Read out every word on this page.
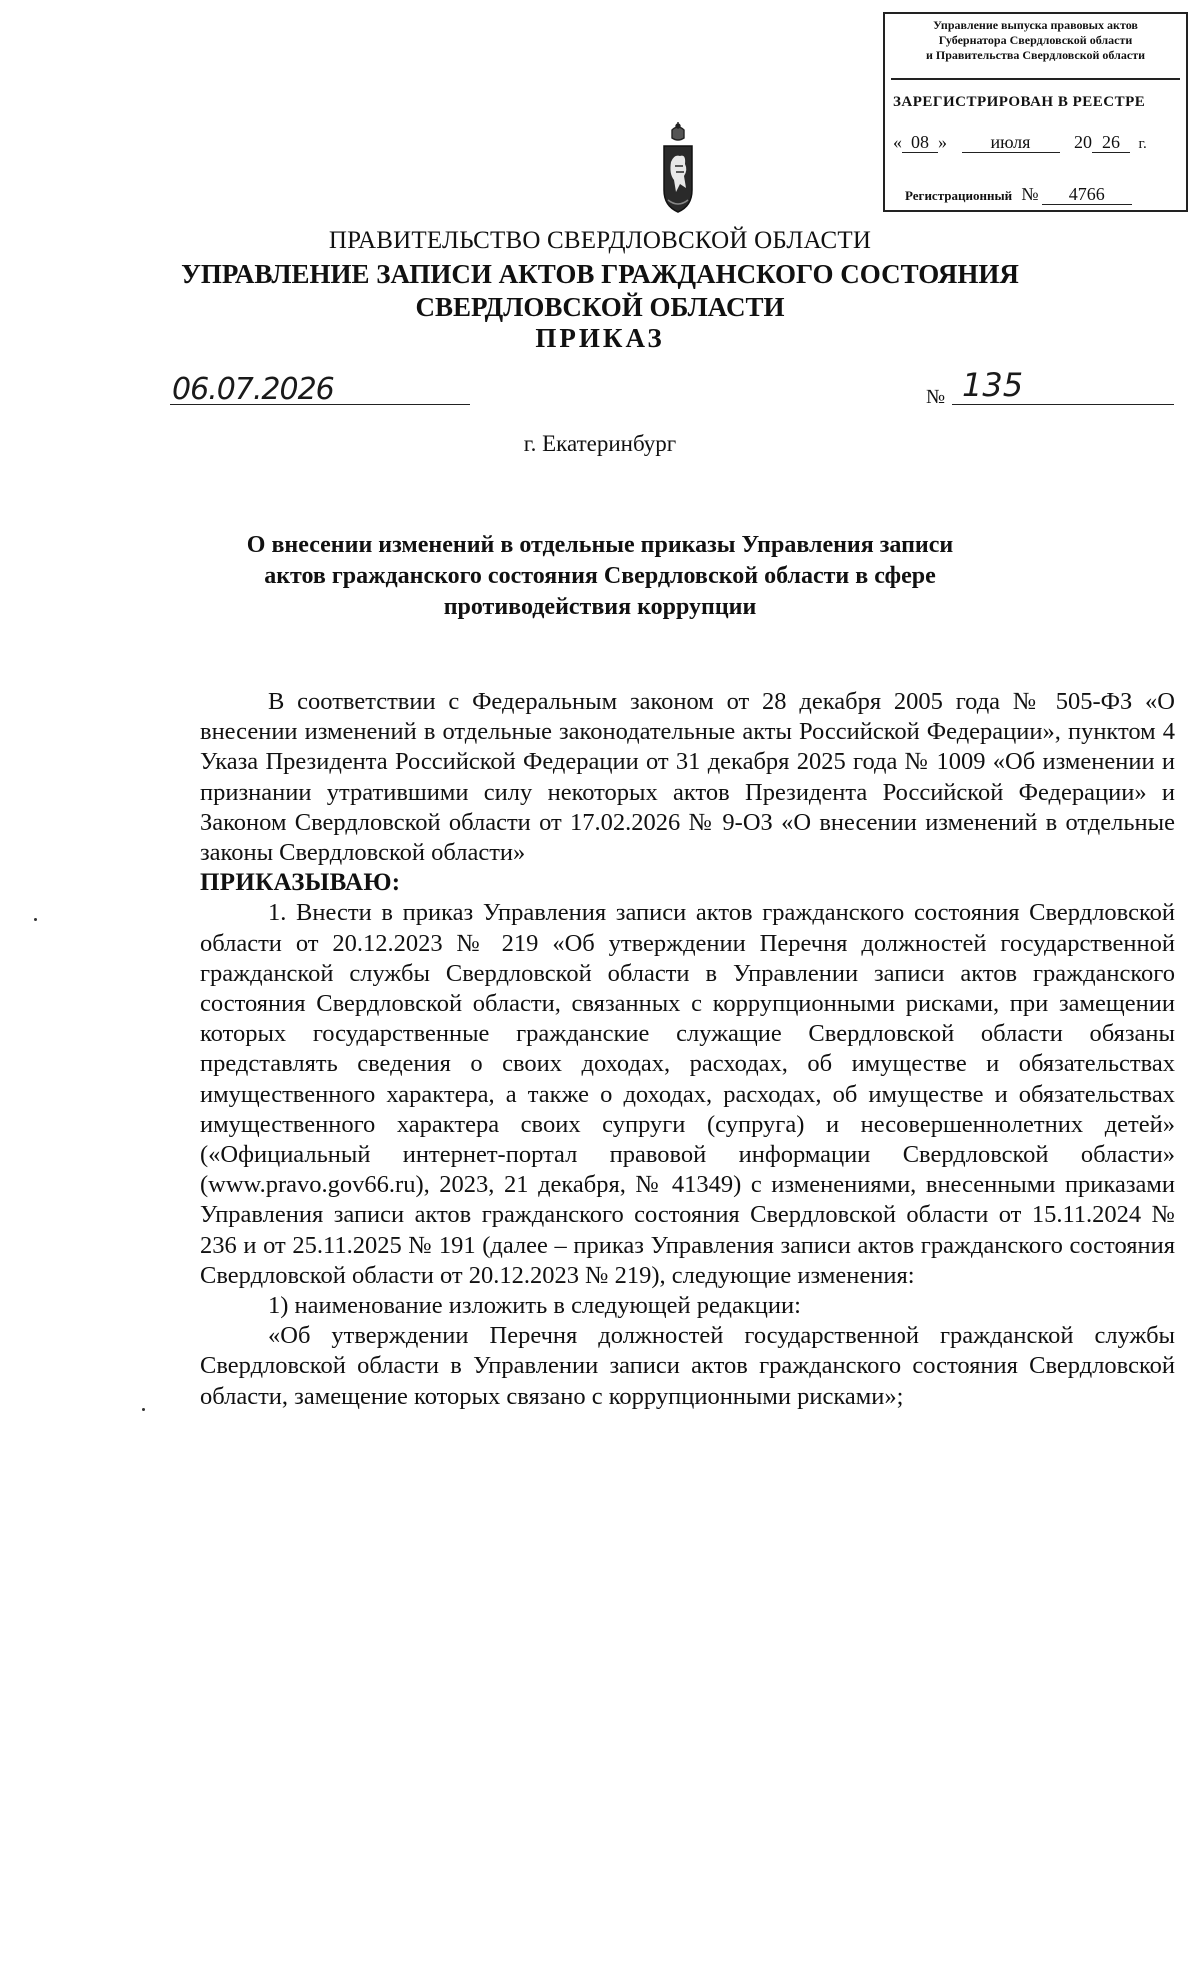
Управление выпуска правовых актов
Губернатора Свердловской области
и Правительства Свердловской области
ЗАРЕГИСТРИРОВАН В РЕЕСТРЕ
« 08 » июля 20 26 г.
Регистрационный № 4766
ПРАВИТЕЛЬСТВО СВЕРДЛОВСКОЙ ОБЛАСТИ
УПРАВЛЕНИЕ ЗАПИСИ АКТОВ ГРАЖДАНСКОГО СОСТОЯНИЯ
СВЕРДЛОВСКОЙ ОБЛАСТИ
ПРИКАЗ
06.07.2026	№ 135
г. Екатеринбург
О внесении изменений в отдельные приказы Управления записи актов гражданского состояния Свердловской области в сфере противодействия коррупции

В соответствии с Федеральным законом от 28 декабря 2005 года № 505-ФЗ «О внесении изменений в отдельные законодательные акты Российской Федерации», пунктом 4 Указа Президента Российской Федерации от 31 декабря 2025 года № 1009 «Об изменении и признании утратившими силу некоторых актов Президента Российской Федерации» и Законом Свердловской области от 17.02.2026 № 9-ОЗ «О внесении изменений в отдельные законы Свердловской области»

ПРИКАЗЫВАЮ:

1. Внести в приказ Управления записи актов гражданского состояния Свердловской области от 20.12.2023 № 219 «Об утверждении Перечня должностей государственной гражданской службы Свердловской области в Управлении записи актов гражданского состояния Свердловской области, связанных с коррупционными рисками, при замещении которых государственные гражданские служащие Свердловской области обязаны представлять сведения о своих доходах, расходах, об имуществе и обязательствах имущественного характера, а также о доходах, расходах, об имуществе и обязательствах имущественного характера своих супруги (супруга) и несовершеннолетних детей» («Официальный интернет-портал правовой информации Свердловской области» (www.pravo.gov66.ru), 2023, 21 декабря, № 41349) с изменениями, внесенными приказами Управления записи актов гражданского состояния Свердловской области от 15.11.2024 № 236 и от 25.11.2025 № 191 (далее – приказ Управления записи актов гражданского состояния Свердловской области от 20.12.2023 № 219), следующие изменения:

1) наименование изложить в следующей редакции:

«Об утверждении Перечня должностей государственной гражданской службы Свердловской области в Управлении записи актов гражданского состояния Свердловской области, замещение которых связано с коррупционными рисками»;
